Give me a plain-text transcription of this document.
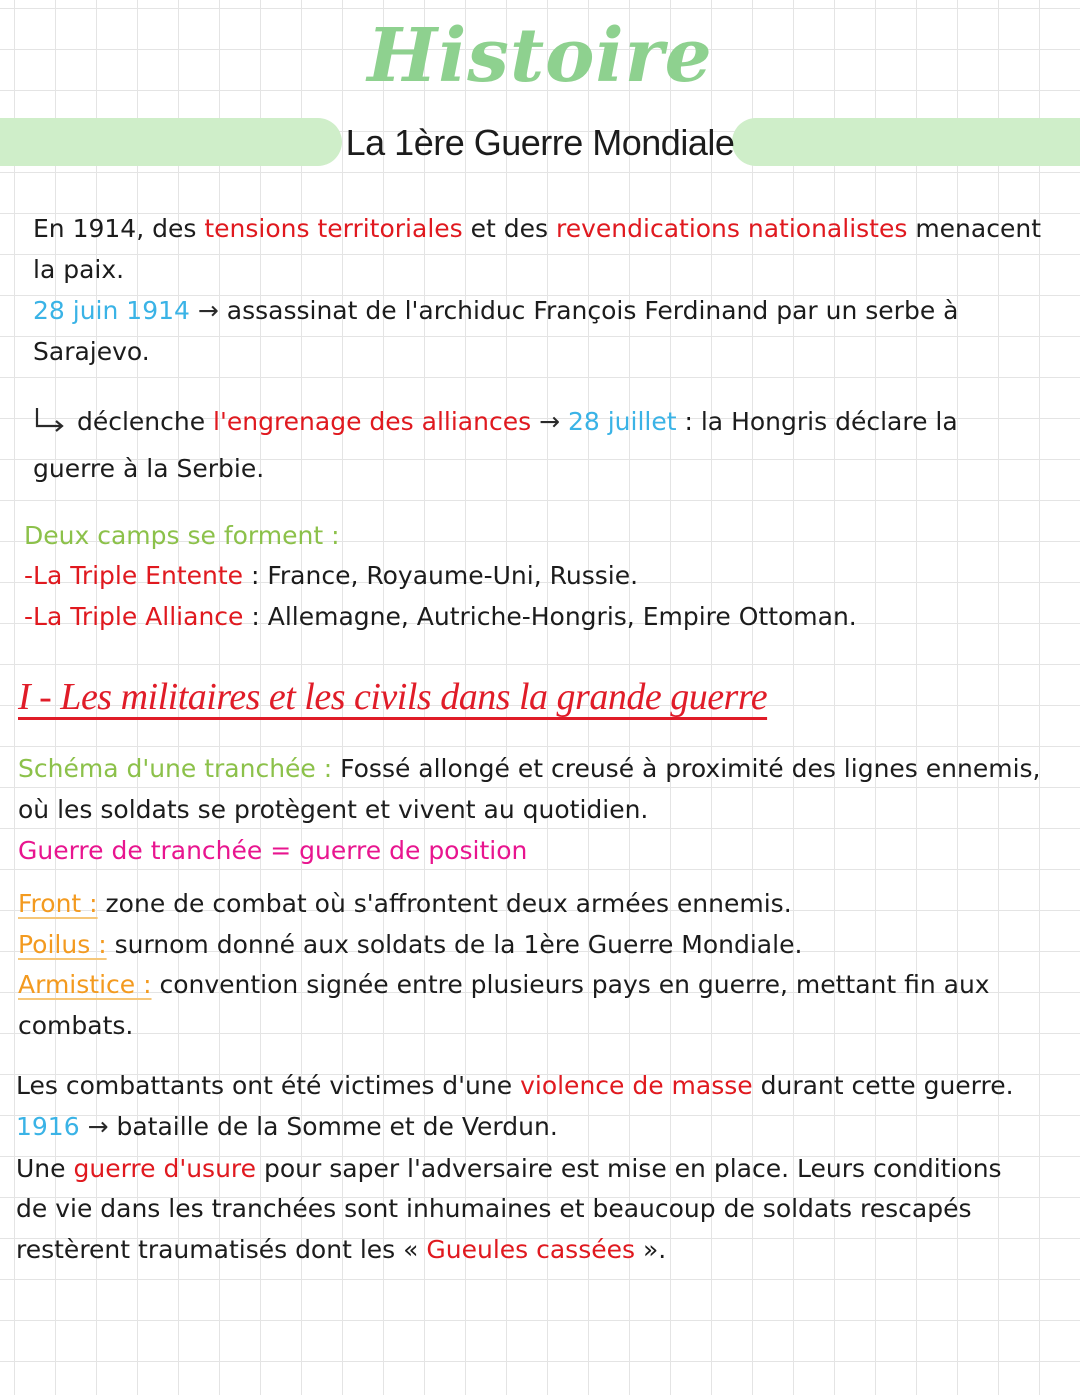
Histoire
La 1ère Guerre Mondiale
En 1914, des tensions territoriales et des revendications nationalistes menacent
la paix.
28 juin 1914 → assassinat de l'archiduc François Ferdinand par un serbe à
Sarajevo.
déclenche l'engrenage des alliances → 28 juillet : la Hongris déclare la
guerre à la Serbie.
Deux camps se forment :
-La Triple Entente : France, Royaume-Uni, Russie.
-La Triple Alliance : Allemagne, Autriche-Hongris, Empire Ottoman.
I - Les militaires et les civils dans la grande guerre
Schéma d'une tranchée : Fossé allongé et creusé à proximité des lignes ennemis,
où les soldats se protègent et vivent au quotidien.
Guerre de tranchée = guerre de position
Front : zone de combat où s'affrontent deux armées ennemis.
Poilus : surnom donné aux soldats de la 1ère Guerre Mondiale.
Armistice : convention signée entre plusieurs pays en guerre, mettant fin aux
combats.
Les combattants ont été victimes d'une violence de masse durant cette guerre.
1916 → bataille de la Somme et de Verdun.
Une guerre d'usure pour saper l'adversaire est mise en place. Leurs conditions
de vie dans les tranchées sont inhumaines et beaucoup de soldats rescapés
restèrent traumatisés dont les « Gueules cassées ».
